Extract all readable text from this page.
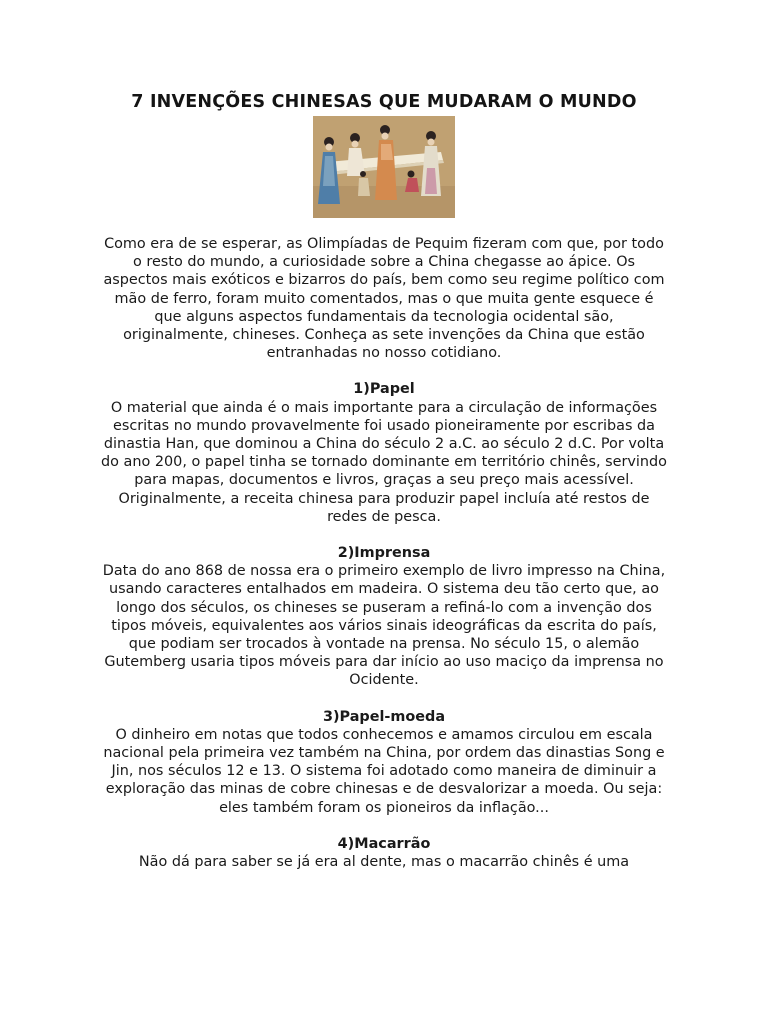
7 INVENÇÕES CHINESAS QUE MUDARAM O MUNDO

Como era de se esperar, as Olimpíadas de Pequim fizeram com que, por todo o resto do mundo, a curiosidade sobre a China chegasse ao ápice. Os aspectos mais exóticos e bizarros do país, bem como seu regime político com mão de ferro, foram muito comentados, mas o que muita gente esquece é que alguns aspectos fundamentais da tecnologia ocidental são, originalmente, chineses. Conheça as sete invenções da China que estão entranhadas no nosso cotidiano.

1)Papel

O material que ainda é o mais importante para a circulação de informações escritas no mundo provavelmente foi usado pioneiramente por escribas da dinastia Han, que dominou a China do século 2 a.C. ao século 2 d.C. Por volta do ano 200, o papel tinha se tornado dominante em território chinês, servindo para mapas, documentos e livros, graças a seu preço mais acessível. Originalmente, a receita chinesa para produzir papel incluía até restos de redes de pesca.

2)Imprensa

Data do ano 868 de nossa era o primeiro exemplo de livro impresso na China, usando caracteres entalhados em madeira. O sistema deu tão certo que, ao longo dos séculos, os chineses se puseram a refiná-lo com a invenção dos tipos móveis, equivalentes aos vários sinais ideográficas da escrita do país, que podiam ser trocados à vontade na prensa. No século 15, o alemão Gutemberg usaria tipos móveis para dar início ao uso maciço da imprensa no Ocidente.

3)Papel-moeda

O dinheiro em notas que todos conhecemos e amamos circulou em escala nacional pela primeira vez também na China, por ordem das dinastias Song e Jin, nos séculos 12 e 13. O sistema foi adotado como maneira de diminuir a exploração das minas de cobre chinesas e de desvalorizar a moeda. Ou seja: eles também foram os pioneiros da inflação...

4)Macarrão

Não dá para saber se já era al dente, mas o macarrão chinês é uma
